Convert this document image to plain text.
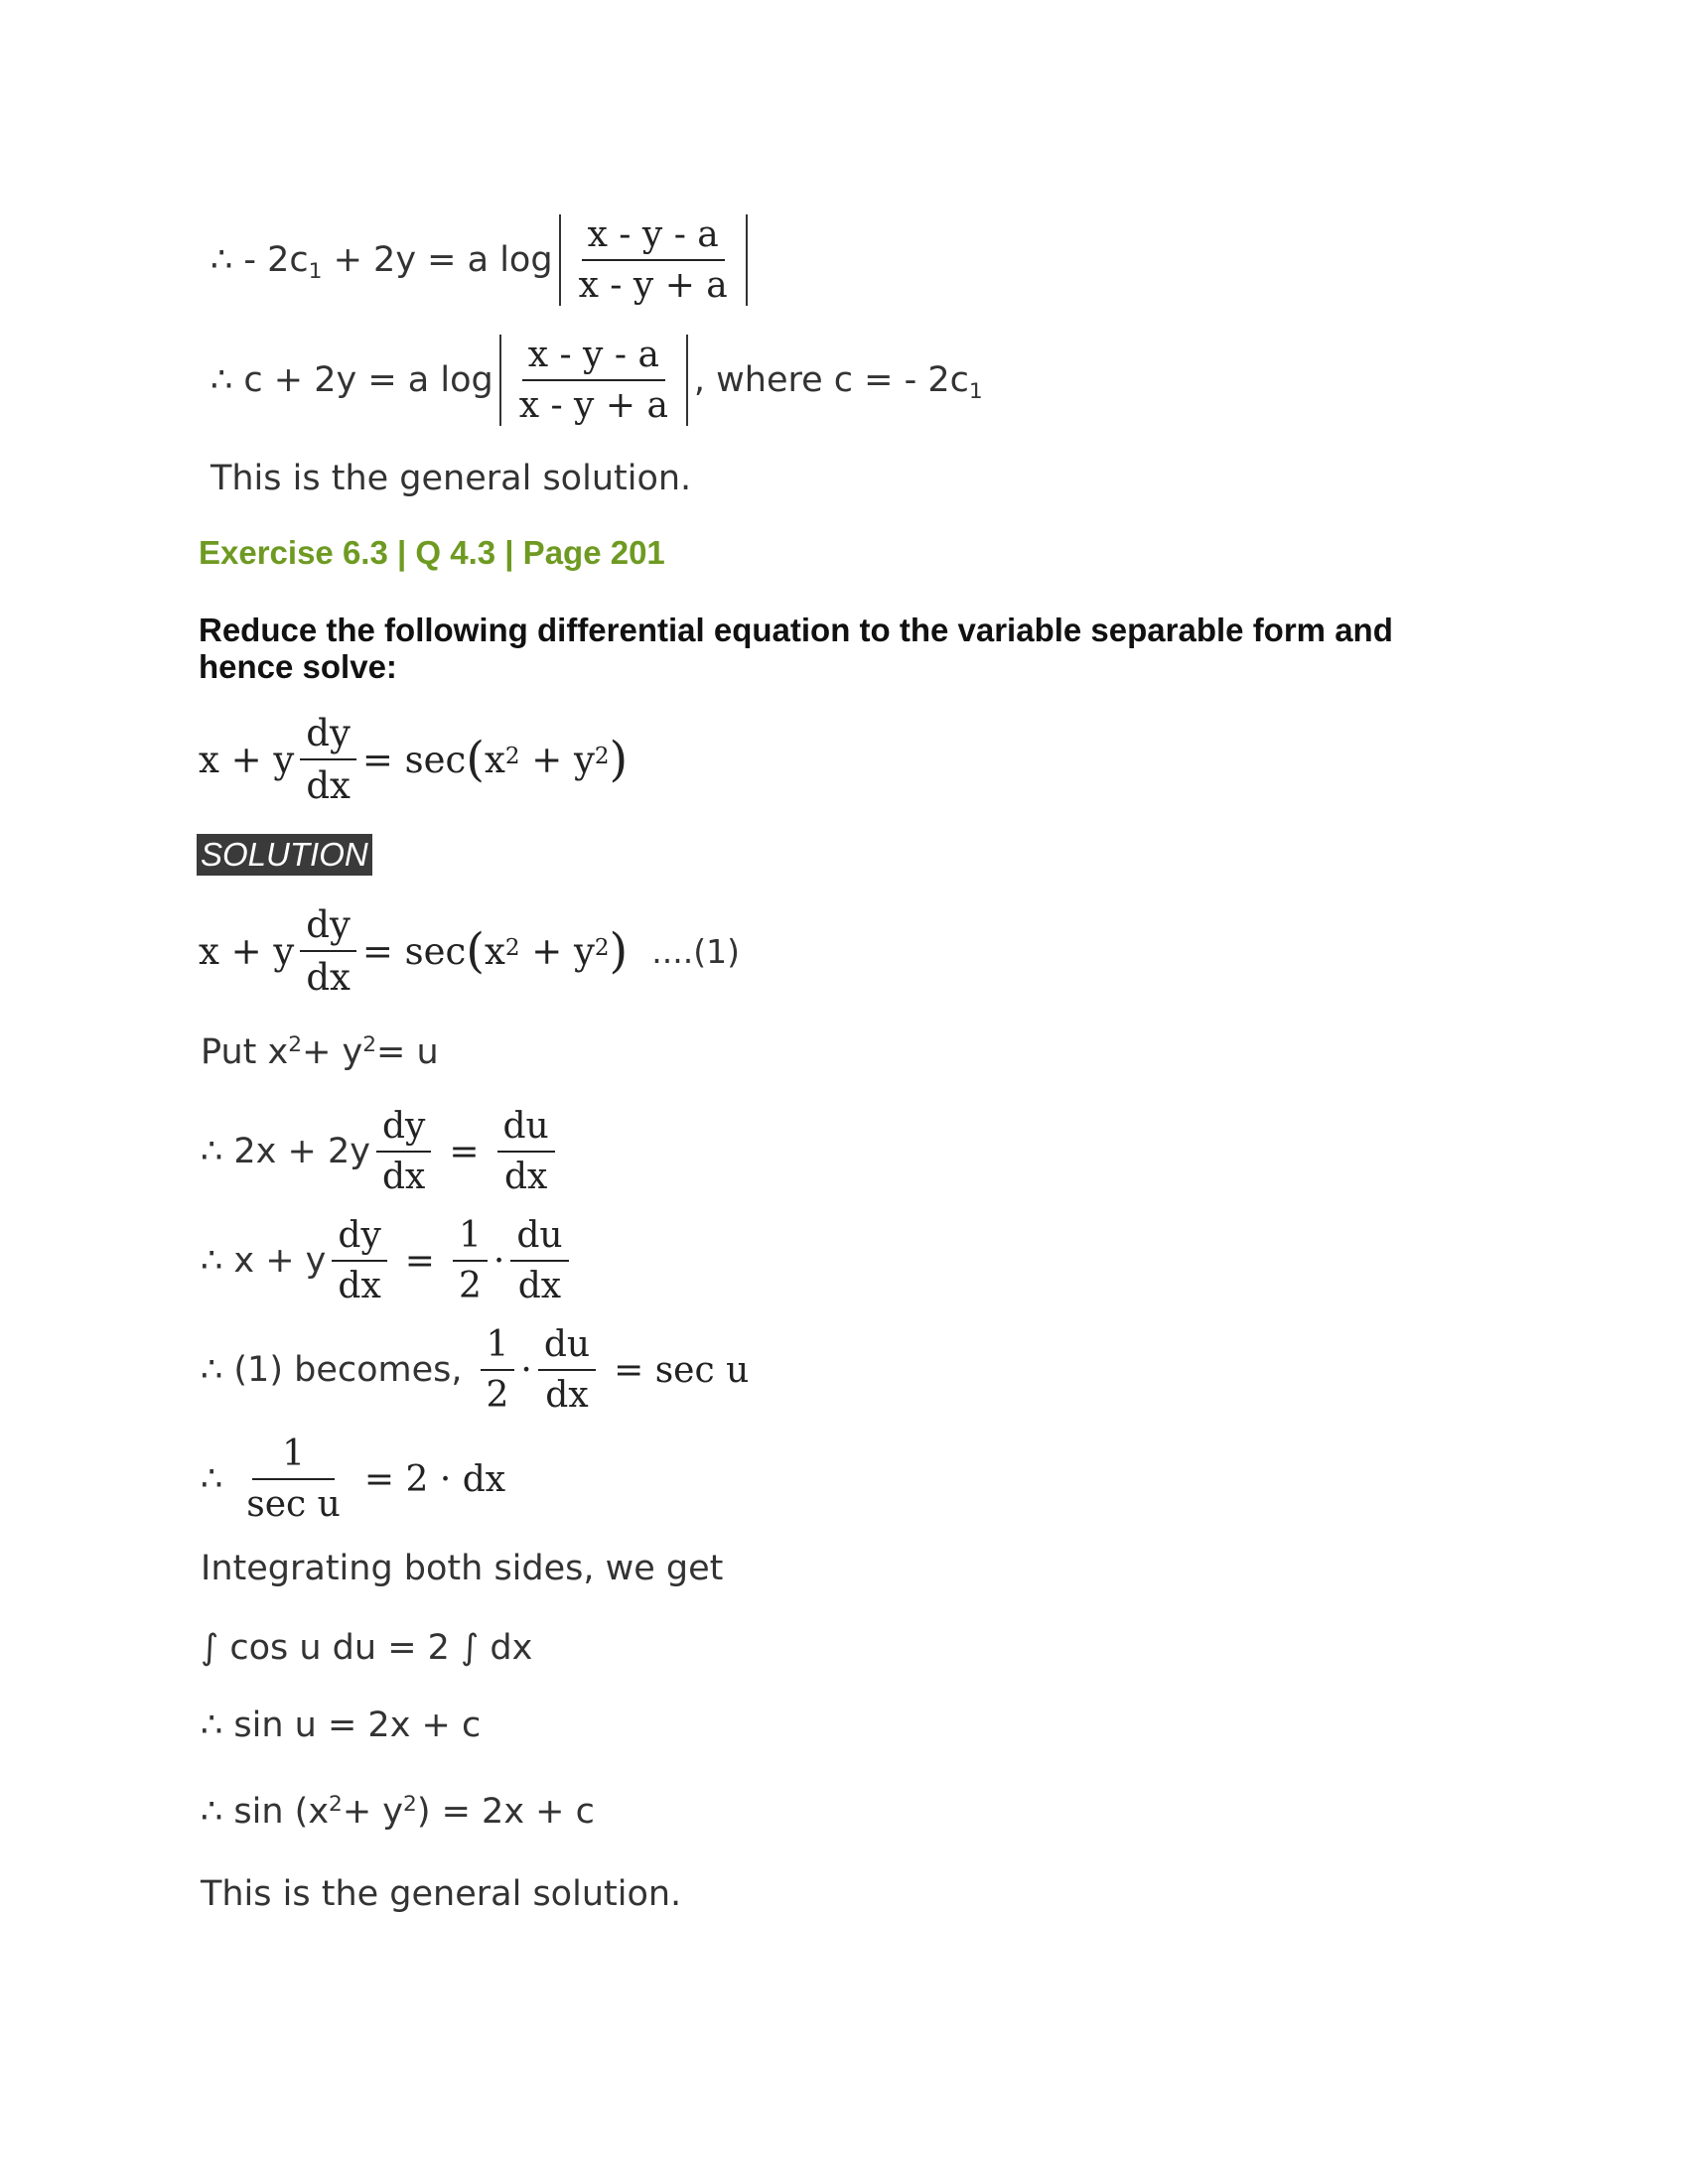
∴ - $2c_1 + 2y = a$ $\log \frac{x - y - a}{x - y + a}$
∴ c + 2y = a $\log \frac{x - y - a}{x - y + a}$ , where c = - $2c_1$
This is the general solution.
Exercise 6.3 | Q 4.3 | Page 201
Reduce the following differential equation to the variable separable form and hence solve:
x + y $\frac{dy}{dx} = \sec$ ( $x^2 + y^2$ )
SOLUTION
x + y $\frac{dy}{dx} = \sec$ ( $x^2 + y^2$ ) ....(1)
Put $x^2 + y^2 = u$
∴ $2x + 2y \frac{dy}{dx} = \frac{du}{dx}$
∴ x + y $\frac{dy}{dx} = \frac{1}{2} \cdot \frac{du}{dx}$
∴ (1) becomes, $\frac{1}{2} \cdot \frac{du}{dx} = \sec u$
∴ $\frac{1}{\text{sec u}} = 2$ · dx
Integrating both sides, we get
∫ cos u du = 2 ∫ dx
∴ sin u = 2x + c
∴ $\sin (x^2 + y^2$ ) = 2x + c
This is the general solution.
